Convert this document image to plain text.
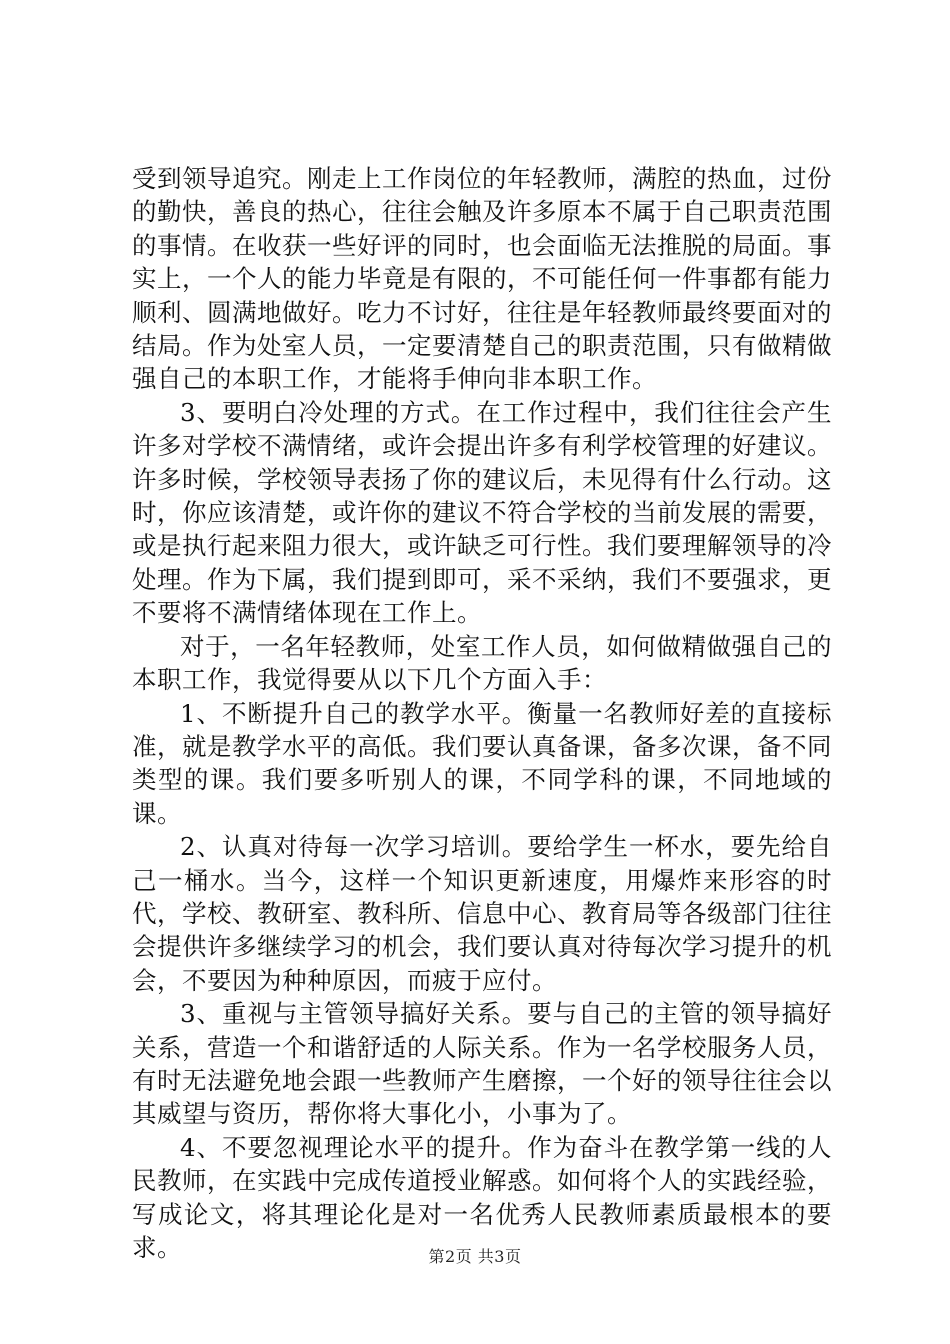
受到领导追究。刚走上工作岗位的年轻教师，满腔的热血，过份的勤快，善良的热心，往往会触及许多原本不属于自己职责范围的事情。在收获一些好评的同时，也会面临无法推脱的局面。事实上，一个人的能力毕竟是有限的，不可能任何一件事都有能力顺利、圆满地做好。吃力不讨好，往往是年轻教师最终要面对的结局。作为处室人员，一定要清楚自己的职责范围，只有做精做强自己的本职工作，才能将手伸向非本职工作。

3、要明白冷处理的方式。在工作过程中，我们往往会产生许多对学校不满情绪，或许会提出许多有利学校管理的好建议。许多时候，学校领导表扬了你的建议后，未见得有什么行动。这时，你应该清楚，或许你的建议不符合学校的当前发展的需要，或是执行起来阻力很大，或许缺乏可行性。我们要理解领导的冷处理。作为下属，我们提到即可，采不采纳，我们不要强求，更不要将不满情绪体现在工作上。

对于，一名年轻教师，处室工作人员，如何做精做强自己的本职工作，我觉得要从以下几个方面入手：

1、不断提升自己的教学水平。衡量一名教师好差的直接标准，就是教学水平的高低。我们要认真备课，备多次课，备不同类型的课。我们要多听别人的课，不同学科的课，不同地域的课。

2、认真对待每一次学习培训。要给学生一杯水，要先给自己一桶水。当今，这样一个知识更新速度，用爆炸来形容的时代，学校、教研室、教科所、信息中心、教育局等各级部门往往会提供许多继续学习的机会，我们要认真对待每次学习提升的机会，不要因为种种原因，而疲于应付。

3、重视与主管领导搞好关系。要与自己的主管的领导搞好关系，营造一个和谐舒适的人际关系。作为一名学校服务人员，有时无法避免地会跟一些教师产生磨擦，一个好的领导往往会以其威望与资历，帮你将大事化小，小事为了。

4、不要忽视理论水平的提升。作为奋斗在教学第一线的人民教师，在实践中完成传道授业解惑。如何将个人的实践经验，写成论文，将其理论化是对一名优秀人民教师素质最根本的要求。	第2页 共3页
